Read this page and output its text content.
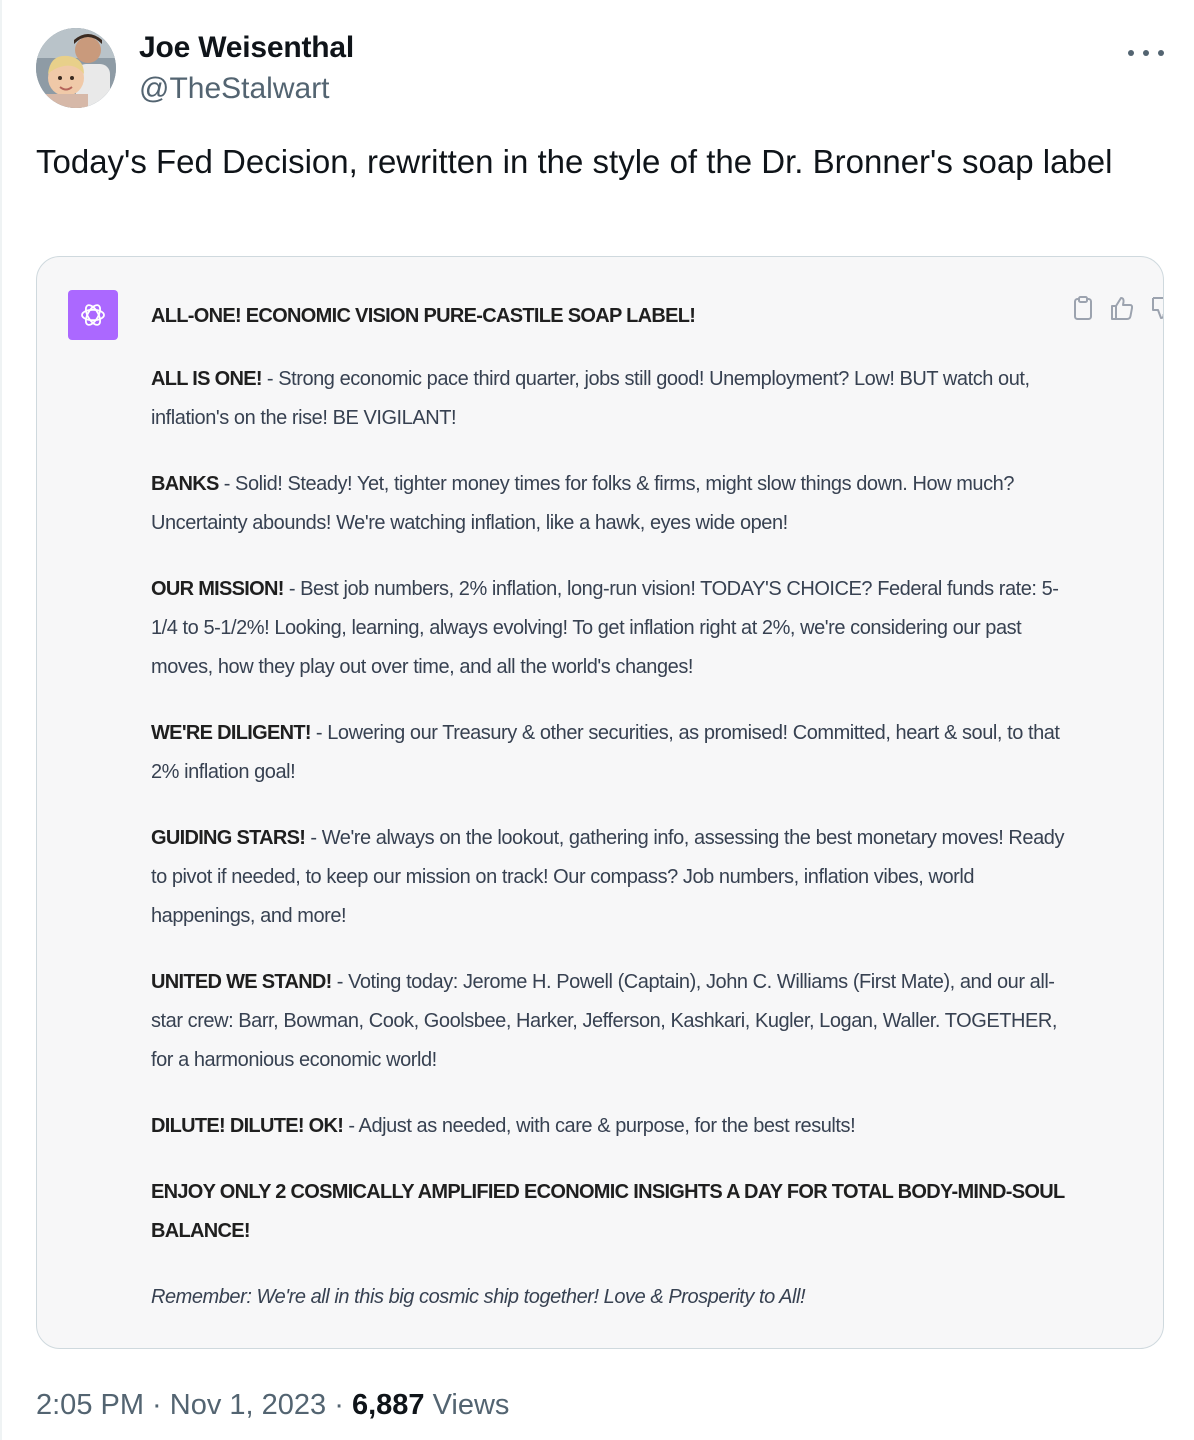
Joe Weisenthal
@TheStalwart
Today's Fed Decision, rewritten in the style of the Dr. Bronner's soap label

ALL-ONE! ECONOMIC VISION PURE-CASTILE SOAP LABEL!

ALL IS ONE! - Strong economic pace third quarter, jobs still good! Unemployment? Low! BUT watch out, inflation's on the rise! BE VIGILANT!

BANKS - Solid! Steady! Yet, tighter money times for folks & firms, might slow things down. How much? Uncertainty abounds! We're watching inflation, like a hawk, eyes wide open!

OUR MISSION! - Best job numbers, 2% inflation, long-run vision! TODAY'S CHOICE? Federal funds rate: 5-1/4 to 5-1/2%! Looking, learning, always evolving! To get inflation right at 2%, we're considering our past moves, how they play out over time, and all the world's changes!

WE'RE DILIGENT! - Lowering our Treasury & other securities, as promised! Committed, heart & soul, to that 2% inflation goal!

GUIDING STARS! - We're always on the lookout, gathering info, assessing the best monetary moves! Ready to pivot if needed, to keep our mission on track! Our compass? Job numbers, inflation vibes, world happenings, and more!

UNITED WE STAND! - Voting today: Jerome H. Powell (Captain), John C. Williams (First Mate), and our all-star crew: Barr, Bowman, Cook, Goolsbee, Harker, Jefferson, Kashkari, Kugler, Logan, Waller. TOGETHER, for a harmonious economic world!

DILUTE! DILUTE! OK! - Adjust as needed, with care & purpose, for the best results!

ENJOY ONLY 2 COSMICALLY AMPLIFIED ECONOMIC INSIGHTS A DAY FOR TOTAL BODY-MIND-SOUL BALANCE!

Remember: We're all in this big cosmic ship together! Love & Prosperity to All!

2:05 PM · Nov 1, 2023 · 6,887 Views
